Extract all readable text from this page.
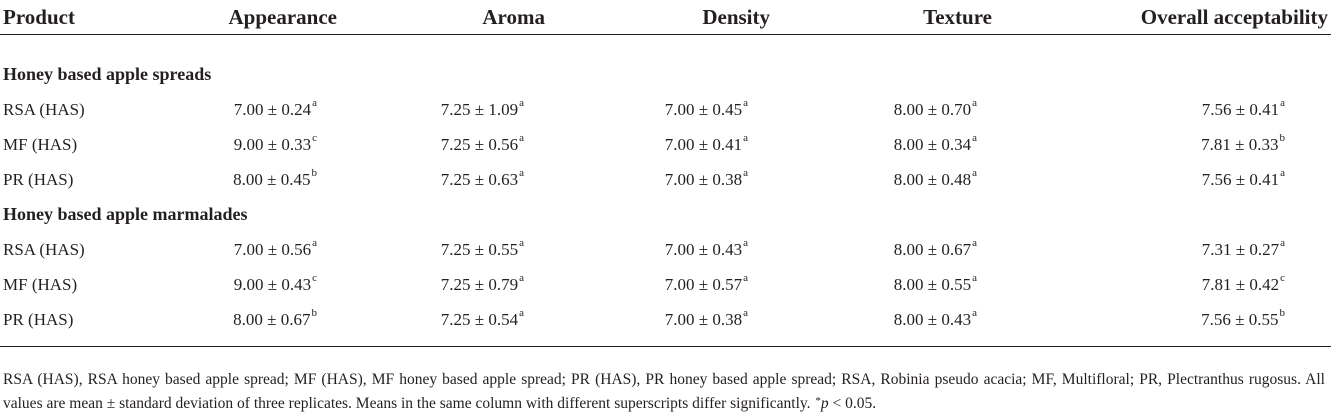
Product	Appearance	Aroma	Density	Texture	Overall acceptability

Honey based apple spreads					
RSA (HAS)	7.00 ± 0.24$^a$	7.25 ± 1.09$^a$	7.00 ± 0.45$^a$	8.00 ± 0.70$^a$	7.56 ± 0.41$^a$
MF (HAS)	9.00 ± 0.33$^c$	7.25 ± 0.56$^a$	7.00 ± 0.41$^a$	8.00 ± 0.34$^a$	7.81 ± 0.33$^b$
PR (HAS)	8.00 ± 0.45$^b$	7.25 ± 0.63$^a$	7.00 ± 0.38$^a$	8.00 ± 0.48$^a$	7.56 ± 0.41$^a$
Honey based apple marmalades					
RSA (HAS)	7.00 ± 0.56$^a$	7.25 ± 0.55$^a$	7.00 ± 0.43$^a$	8.00 ± 0.67$^a$	7.31 ± 0.27$^a$
MF (HAS)	9.00 ± 0.43$^c$	7.25 ± 0.79$^a$	7.00 ± 0.57$^a$	8.00 ± 0.55$^a$	7.81 ± 0.42$^c$
PR (HAS)	8.00 ± 0.67$^b$	7.25 ± 0.54$^a$	7.00 ± 0.38$^a$	8.00 ± 0.43$^a$	7.56 ± 0.55$^b$

RSA (HAS), RSA honey based apple spread; MF (HAS), MF honey based apple spread; PR (HAS), PR honey based apple spread; RSA, Robinia pseudo acacia; MF, Multifloral; PR, Plectranthus rugosus. All values are mean ± standard deviation of three replicates. Means in the same column with different superscripts differ significantly. *p < 0.05.
